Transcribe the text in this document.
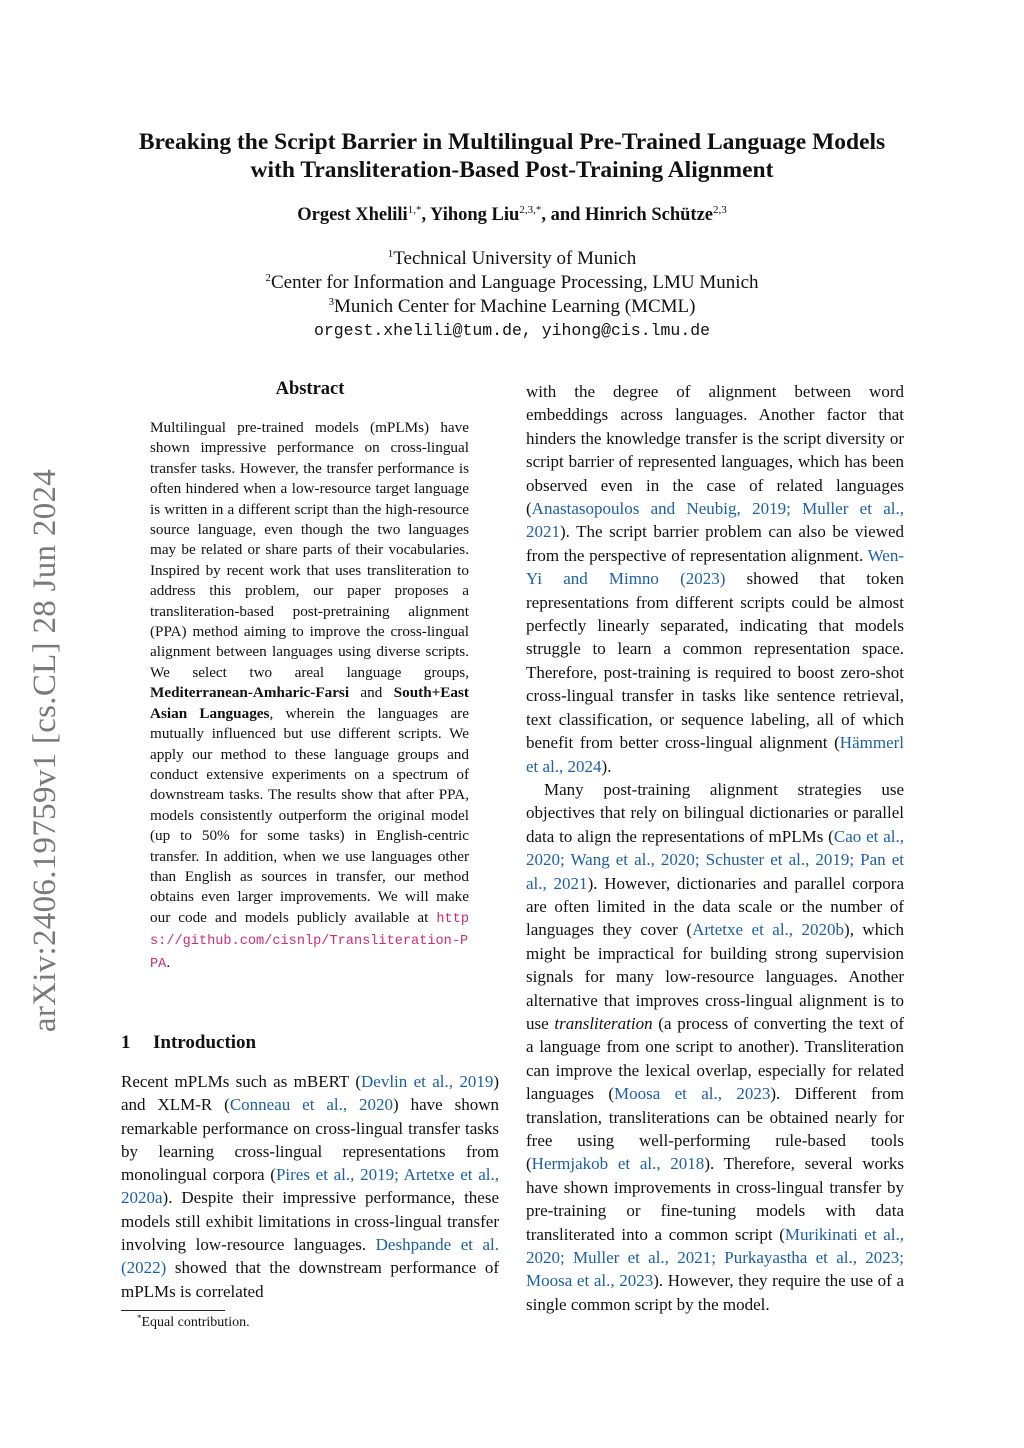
arXiv:2406.19759v1 [cs.CL] 28 Jun 2024
Breaking the Script Barrier in Multilingual Pre-Trained Language Models
with Transliteration-Based Post-Training Alignment
Orgest Xhelili$^{1,*}$, Yihong Liu$^{2,3,*}$, and Hinrich Schütze$^{2,3}$
$^1$Technical University of Munich
$^2$Center for Information and Language Processing, LMU Munich
$^3$Munich Center for Machine Learning (MCML)
orgest.xhelili@tum.de, yihong@cis.lmu.de
Abstract

Multilingual pre-trained models (mPLMs) have shown impressive performance on cross-lingual transfer tasks. However, the transfer performance is often hindered when a low-resource target language is written in a different script than the high-resource source language, even though the two languages may be related or share parts of their vocabularies. Inspired by recent work that uses transliteration to address this problem, our paper proposes a transliteration-based post-pretraining alignment (PPA) method aiming to improve the cross-lingual alignment between languages using diverse scripts. We select two areal language groups, Mediterranean-Amharic-Farsi and South+East Asian Languages, wherein the languages are mutually influenced but use different scripts. We apply our method to these language groups and conduct extensive experiments on a spectrum of downstream tasks. The results show that after PPA, models consistently outperform the original model (up to 50% for some tasks) in English-centric transfer. In addition, when we use languages other than English as sources in transfer, our method obtains even larger improvements. We will make our code and models publicly available at https://github.com/cisnlp/Transliteration-PPA.

1 Introduction

Recent mPLMs such as mBERT (Devlin et al., 2019) and XLM-R (Conneau et al., 2020) have shown remarkable performance on cross-lingual transfer tasks by learning cross-lingual representations from monolingual corpora (Pires et al., 2019; Artetxe et al., 2020a). Despite their impressive performance, these models still exhibit limitations in cross-lingual transfer involving low-resource languages. Deshpande et al. (2022) showed that the downstream performance of mPLMs is correlated

*Equal contribution.

with the degree of alignment between word embeddings across languages. Another factor that hinders the knowledge transfer is the script diversity or script barrier of represented languages, which has been observed even in the case of related languages (Anastasopoulos and Neubig, 2019; Muller et al., 2021). The script barrier problem can also be viewed from the perspective of representation alignment. Wen-Yi and Mimno (2023) showed that token representations from different scripts could be almost perfectly linearly separated, indicating that models struggle to learn a common representation space. Therefore, post-training is required to boost zero-shot cross-lingual transfer in tasks like sentence retrieval, text classification, or sequence labeling, all of which benefit from better cross-lingual alignment (Hämmerl et al., 2024).

Many post-training alignment strategies use objectives that rely on bilingual dictionaries or parallel data to align the representations of mPLMs (Cao et al., 2020; Wang et al., 2020; Schuster et al., 2019; Pan et al., 2021). However, dictionaries and parallel corpora are often limited in the data scale or the number of languages they cover (Artetxe et al., 2020b), which might be impractical for building strong supervision signals for many low-resource languages. Another alternative that improves cross-lingual alignment is to use transliteration (a process of converting the text of a language from one script to another). Transliteration can improve the lexical overlap, especially for related languages (Moosa et al., 2023). Different from translation, transliterations can be obtained nearly for free using well-performing rule-based tools (Hermjakob et al., 2018). Therefore, several works have shown improvements in cross-lingual transfer by pre-training or fine-tuning models with data transliterated into a common script (Murikinati et al., 2020; Muller et al., 2021; Purkayastha et al., 2023; Moosa et al., 2023). However, they require the use of a single common script by the model.
